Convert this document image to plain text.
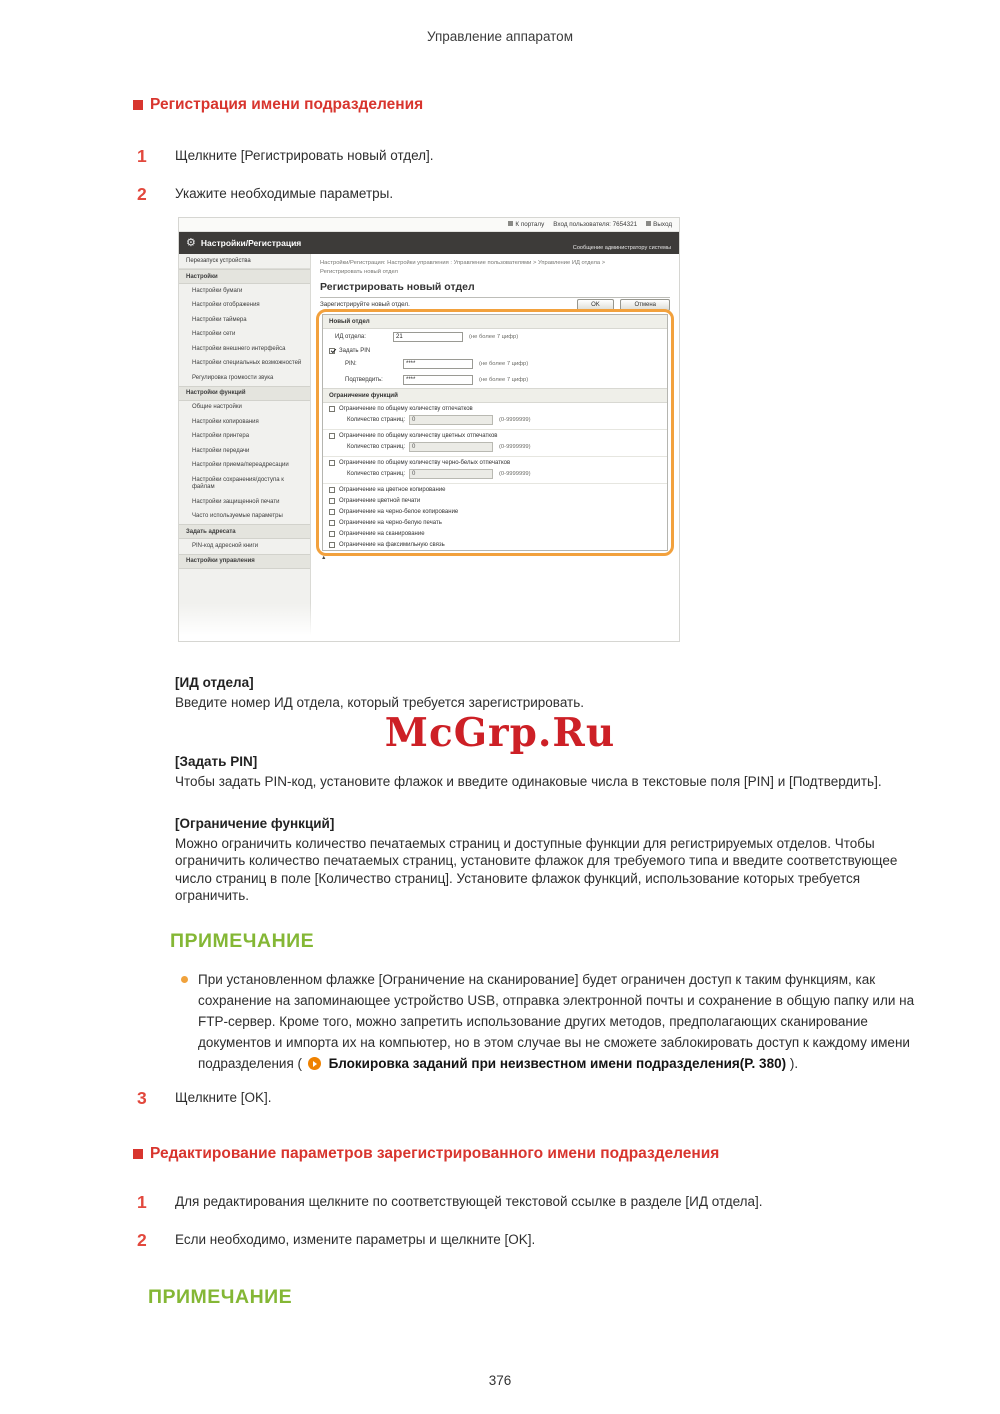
Управление аппаратом
Регистрация имени подразделения
1	Щелкните [Регистрировать новый отдел].
2	Укажите необходимые параметры.
К порталу Вход пользователя: 7654321	Выход
⚙ Настройки/Регистрация	Сообщение администратору системы
Перезапуск устройства
Настройки
Настройки бумаги
Настройки отображения
Настройки таймера
Настройки сети
Настройки внешнего интерфейса
Настройки специальных возможностей
Регулировка громкости звука
Настройки функций
Общие настройки
Настройки копирования
Настройки принтера
Настройки передачи
Настройки приема/переадресации
Настройки сохранения/доступа к файлам
Настройки защищенной печати
Часто используемые параметры
Задать адресата
PIN-код адресной книги
Настройки управления
Настройки/Регистрация: Настройки управления : Управление пользователями > Управление ИД отдела >
Регистрировать новый отдел
Регистрировать новый отдел
Зарегистрируйте новый отдел.	OK	Отмена
Новый отдел
ИД отдела:	21	(не более 7 цифр)
Задать PIN
PIN:	****	(не более 7 цифр)
Подтвердить:	****	(не более 7 цифр)
Ограничение функций
Ограничение по общему количеству отпечатков
Количество страниц:	0	(0-9999999)
Ограничение по общему количеству цветных отпечатков
Количество страниц:	0	(0-9999999)
Ограничение по общему количеству черно-белых отпечатков
Количество страниц:	0	(0-9999999)
Ограничение на цветное копирование
Ограничение цветной печати
Ограничение на черно-белое копирование
Ограничение на черно-белую печать
Ограничение на сканирование
Ограничение на факсимильную связь
▲
[ИД отдела]
Введите номер ИД отдела, который требуется зарегистрировать.
McGrp.Ru
[Задать PIN]
Чтобы задать PIN-код, установите флажок и введите одинаковые числа в текстовые поля [PIN] и [Подтвердить].
[Ограничение функций]
Можно ограничить количество печатаемых страниц и доступные функции для регистрируемых отделов. Чтобы ограничить количество печатаемых страниц, установите флажок для требуемого типа и введите соответствующее число страниц в поле [Количество страниц]. Установите флажок функций, использование которых требуется ограничить.
ПРИМЕЧАНИЕ

При установленном флажке [Ограничение на сканирование] будет ограничен доступ к таким функциям, как сохранение на запоминающее устройство USB, отправка электронной почты и сохранение в общую папку или на FTP-сервер. Кроме того, можно запретить использование других методов, предполагающих сканирование документов и импорта их на компьютер, но в этом случае вы не сможете заблокировать доступ к каждому имени подразделения ( Блокировка заданий при неизвестном имени подразделения(P. 380) ).

3	Щелкните [OK].
Редактирование параметров зарегистрированного имени подразделения
1	Для редактирования щелкните по соответствующей текстовой ссылке в разделе [ИД отдела].
2	Если необходимо, измените параметры и щелкните [OK].
ПРИМЕЧАНИЕ
376
